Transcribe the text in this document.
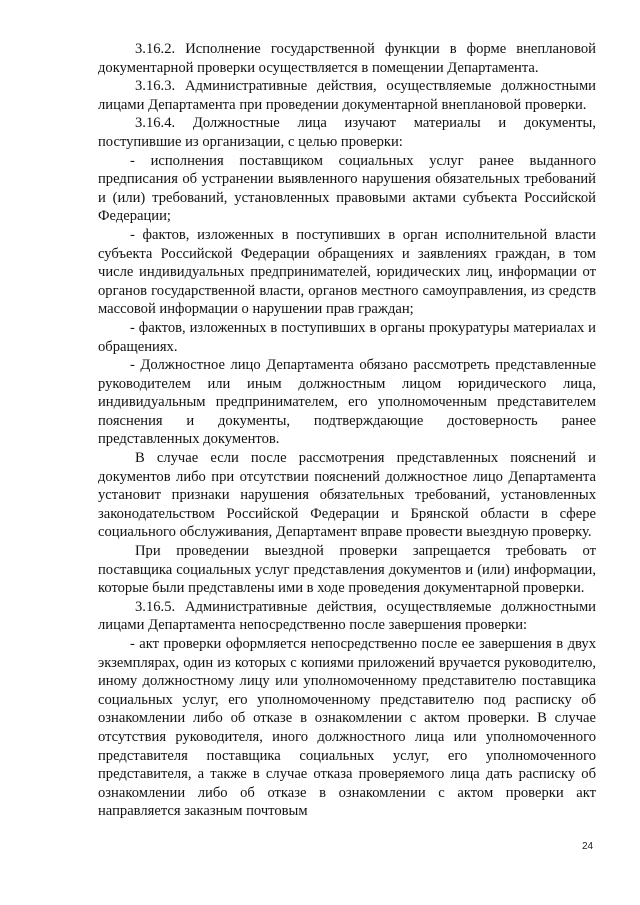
3.16.2. Исполнение государственной функции в форме внеплановой документарной проверки осуществляется в помещении Департамента.

3.16.3. Административные действия, осуществляемые должностными лицами Департамента при проведении документарной внеплановой проверки.

3.16.4. Должностные лица изучают материалы и документы, поступившие из организации, с целью проверки:

- исполнения поставщиком социальных услуг ранее выданного предписания об устранении выявленного нарушения обязательных требований и (или) требований, установленных правовыми актами субъекта Российской Федерации;

- фактов, изложенных в поступивших в орган исполнительной власти субъекта Российской Федерации обращениях и заявлениях граждан, в том числе индивидуальных предпринимателей, юридических лиц, информации от органов государственной власти, органов местного самоуправления, из средств массовой информации о нарушении прав граждан;

- фактов, изложенных в поступивших в органы прокуратуры материалах и обращениях.

- Должностное лицо Департамента обязано рассмотреть представленные руководителем или иным должностным лицом юридического лица, индивидуальным предпринимателем, его уполномоченным представителем пояснения и документы, подтверждающие достоверность ранее представленных документов.

В случае если после рассмотрения представленных пояснений и документов либо при отсутствии пояснений должностное лицо Департамента установит признаки нарушения обязательных требований, установленных законодательством Российской Федерации и Брянской области в сфере социального обслуживания, Департамент вправе провести выездную проверку.

При проведении выездной проверки запрещается требовать от поставщика социальных услуг представления документов и (или) информации, которые были представлены ими в ходе проведения документарной проверки.

3.16.5. Административные действия, осуществляемые должностными лицами Департамента непосредственно после завершения проверки:

- акт проверки оформляется непосредственно после ее завершения в двух экземплярах, один из которых с копиями приложений вручается руководителю, иному должностному лицу или уполномоченному представителю поставщика социальных услуг, его уполномоченному представителю под расписку об ознакомлении либо об отказе в ознакомлении с актом проверки. В случае отсутствия руководителя, иного должностного лица или уполномоченного представителя поставщика социальных услуг, его уполномоченного представителя, а также в случае отказа проверяемого лица дать расписку об ознакомлении либо об отказе в ознакомлении с актом проверки акт направляется заказным почтовым

24
